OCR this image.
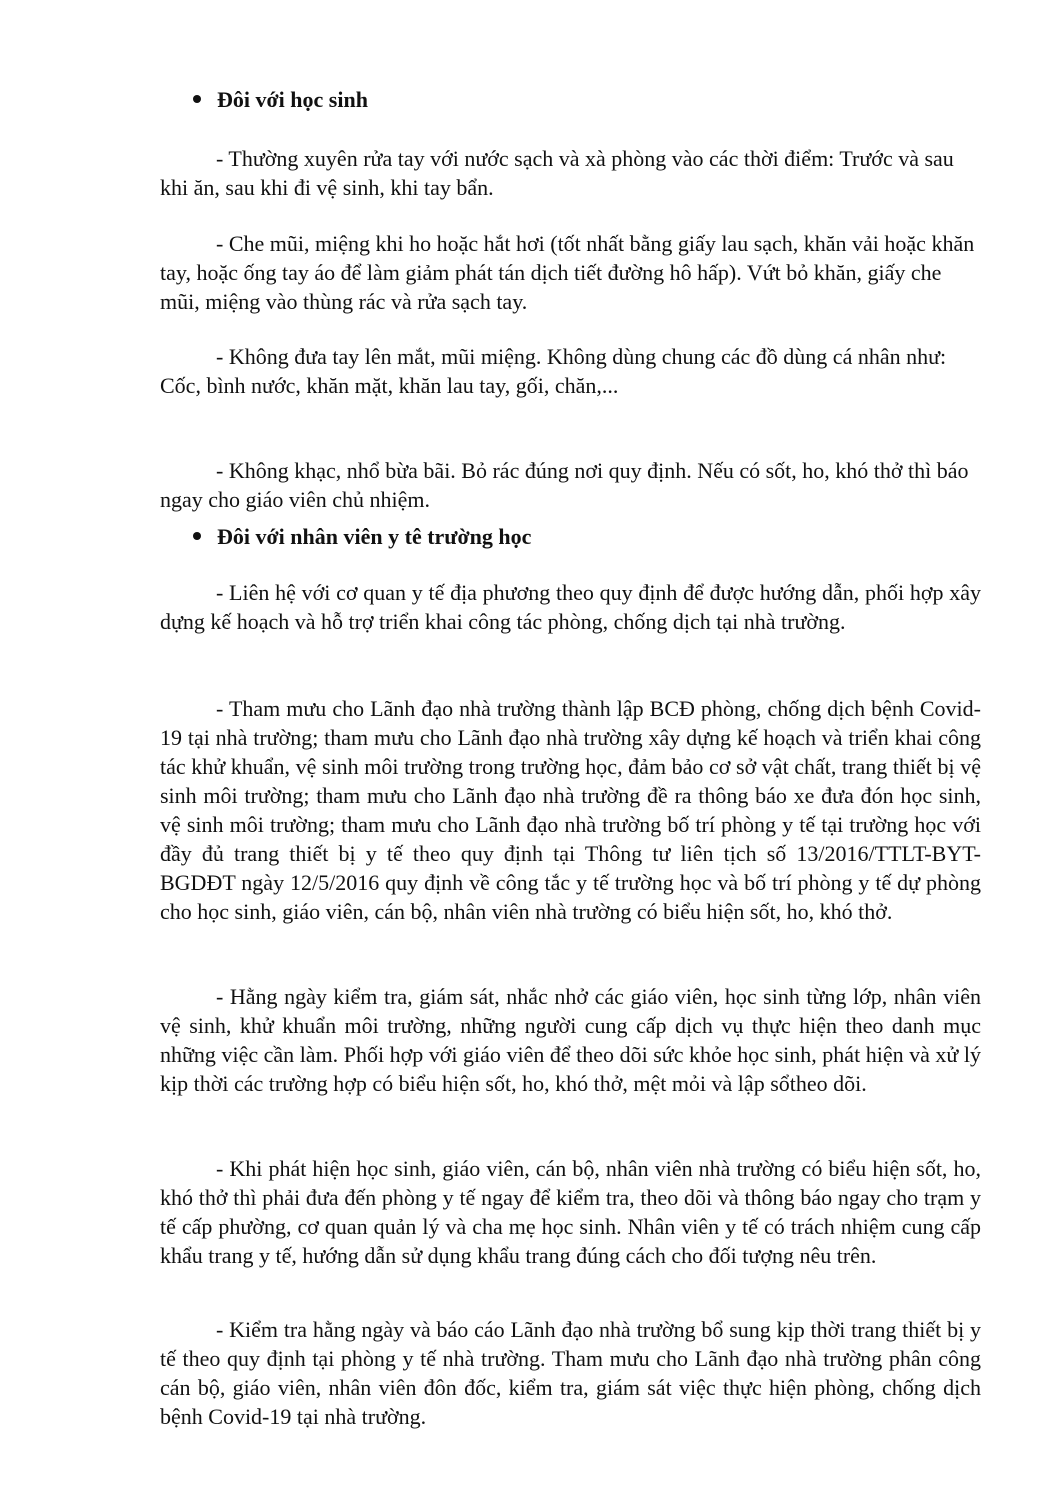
Đôi với học sinh

- Thường xuyên rửa tay với nước sạch và xà phòng vào các thời điểm: Trước và sau khi ăn, sau khi đi vệ sinh, khi tay bẩn.

- Che mũi, miệng khi ho hoặc hắt hơi (tốt nhất bằng giấy lau sạch, khăn vải hoặc khăn tay, hoặc ống tay áo để làm giảm phát tán dịch tiết đường hô hấp). Vứt bỏ khăn, giấy che mũi, miệng vào thùng rác và rửa sạch tay.

- Không đưa tay lên mắt, mũi miệng. Không dùng chung các đồ dùng cá nhân như: Cốc, bình nước, khăn mặt, khăn lau tay, gối, chăn,...

- Không khạc, nhổ bừa bãi. Bỏ rác đúng nơi quy định. Nếu có sốt, ho, khó thở thì báo ngay cho giáo viên chủ nhiệm.

Đôi với nhân viên y tê trường học

- Liên hệ với cơ quan y tế địa phương theo quy định để được hướng dẫn, phối hợp xây dựng kế hoạch và hỗ trợ triển khai công tác phòng, chống dịch tại nhà trường.

- Tham mưu cho Lãnh đạo nhà trường thành lập BCĐ phòng, chống dịch bệnh Covid-19 tại nhà trường; tham mưu cho Lãnh đạo nhà trường xây dựng kế hoạch và triển khai công tác khử khuẩn, vệ sinh môi trường trong trường học, đảm bảo cơ sở vật chất, trang thiết bị vệ sinh môi trường; tham mưu cho Lãnh đạo nhà trường đề ra thông báo xe đưa đón học sinh, vệ sinh môi trường; tham mưu cho Lãnh đạo nhà trường bố trí phòng y tế tại trường học với đầy đủ trang thiết bị y tế theo quy định tại Thông tư liên tịch số 13/2016/TTLT-BYT-BGDĐT ngày 12/5/2016 quy định về công tắc y tế trường học và bố trí phòng y tế dự phòng cho học sinh, giáo viên, cán bộ, nhân viên nhà trường có biểu hiện sốt, ho, khó thở.

- Hằng ngày kiểm tra, giám sát, nhắc nhở các giáo viên, học sinh từng lớp, nhân viên vệ sinh, khử khuẩn môi trường, những người cung cấp dịch vụ thực hiện theo danh mục những việc cần làm. Phối hợp với giáo viên để theo dõi sức khỏe học sinh, phát hiện và xử lý kịp thời các trường hợp có biểu hiện sốt, ho, khó thở, mệt mỏi và lập sổtheo dõi.

- Khi phát hiện học sinh, giáo viên, cán bộ, nhân viên nhà trường có biểu hiện sốt, ho, khó thở thì phải đưa đến phòng y tế ngay để kiểm tra, theo dõi và thông báo ngay cho trạm y tế cấp phường, cơ quan quản lý và cha mẹ học sinh. Nhân viên y tế có trách nhiệm cung cấp khẩu trang y tế, hướng dẫn sử dụng khẩu trang đúng cách cho đối tượng nêu trên.

- Kiểm tra hằng ngày và báo cáo Lãnh đạo nhà trường bổ sung kịp thời trang thiết bị y tế theo quy định tại phòng y tế nhà trường. Tham mưu cho Lãnh đạo nhà trường phân công cán bộ, giáo viên, nhân viên đôn đốc, kiểm tra, giám sát việc thực hiện phòng, chống dịch bệnh Covid-19 tại nhà trường.
